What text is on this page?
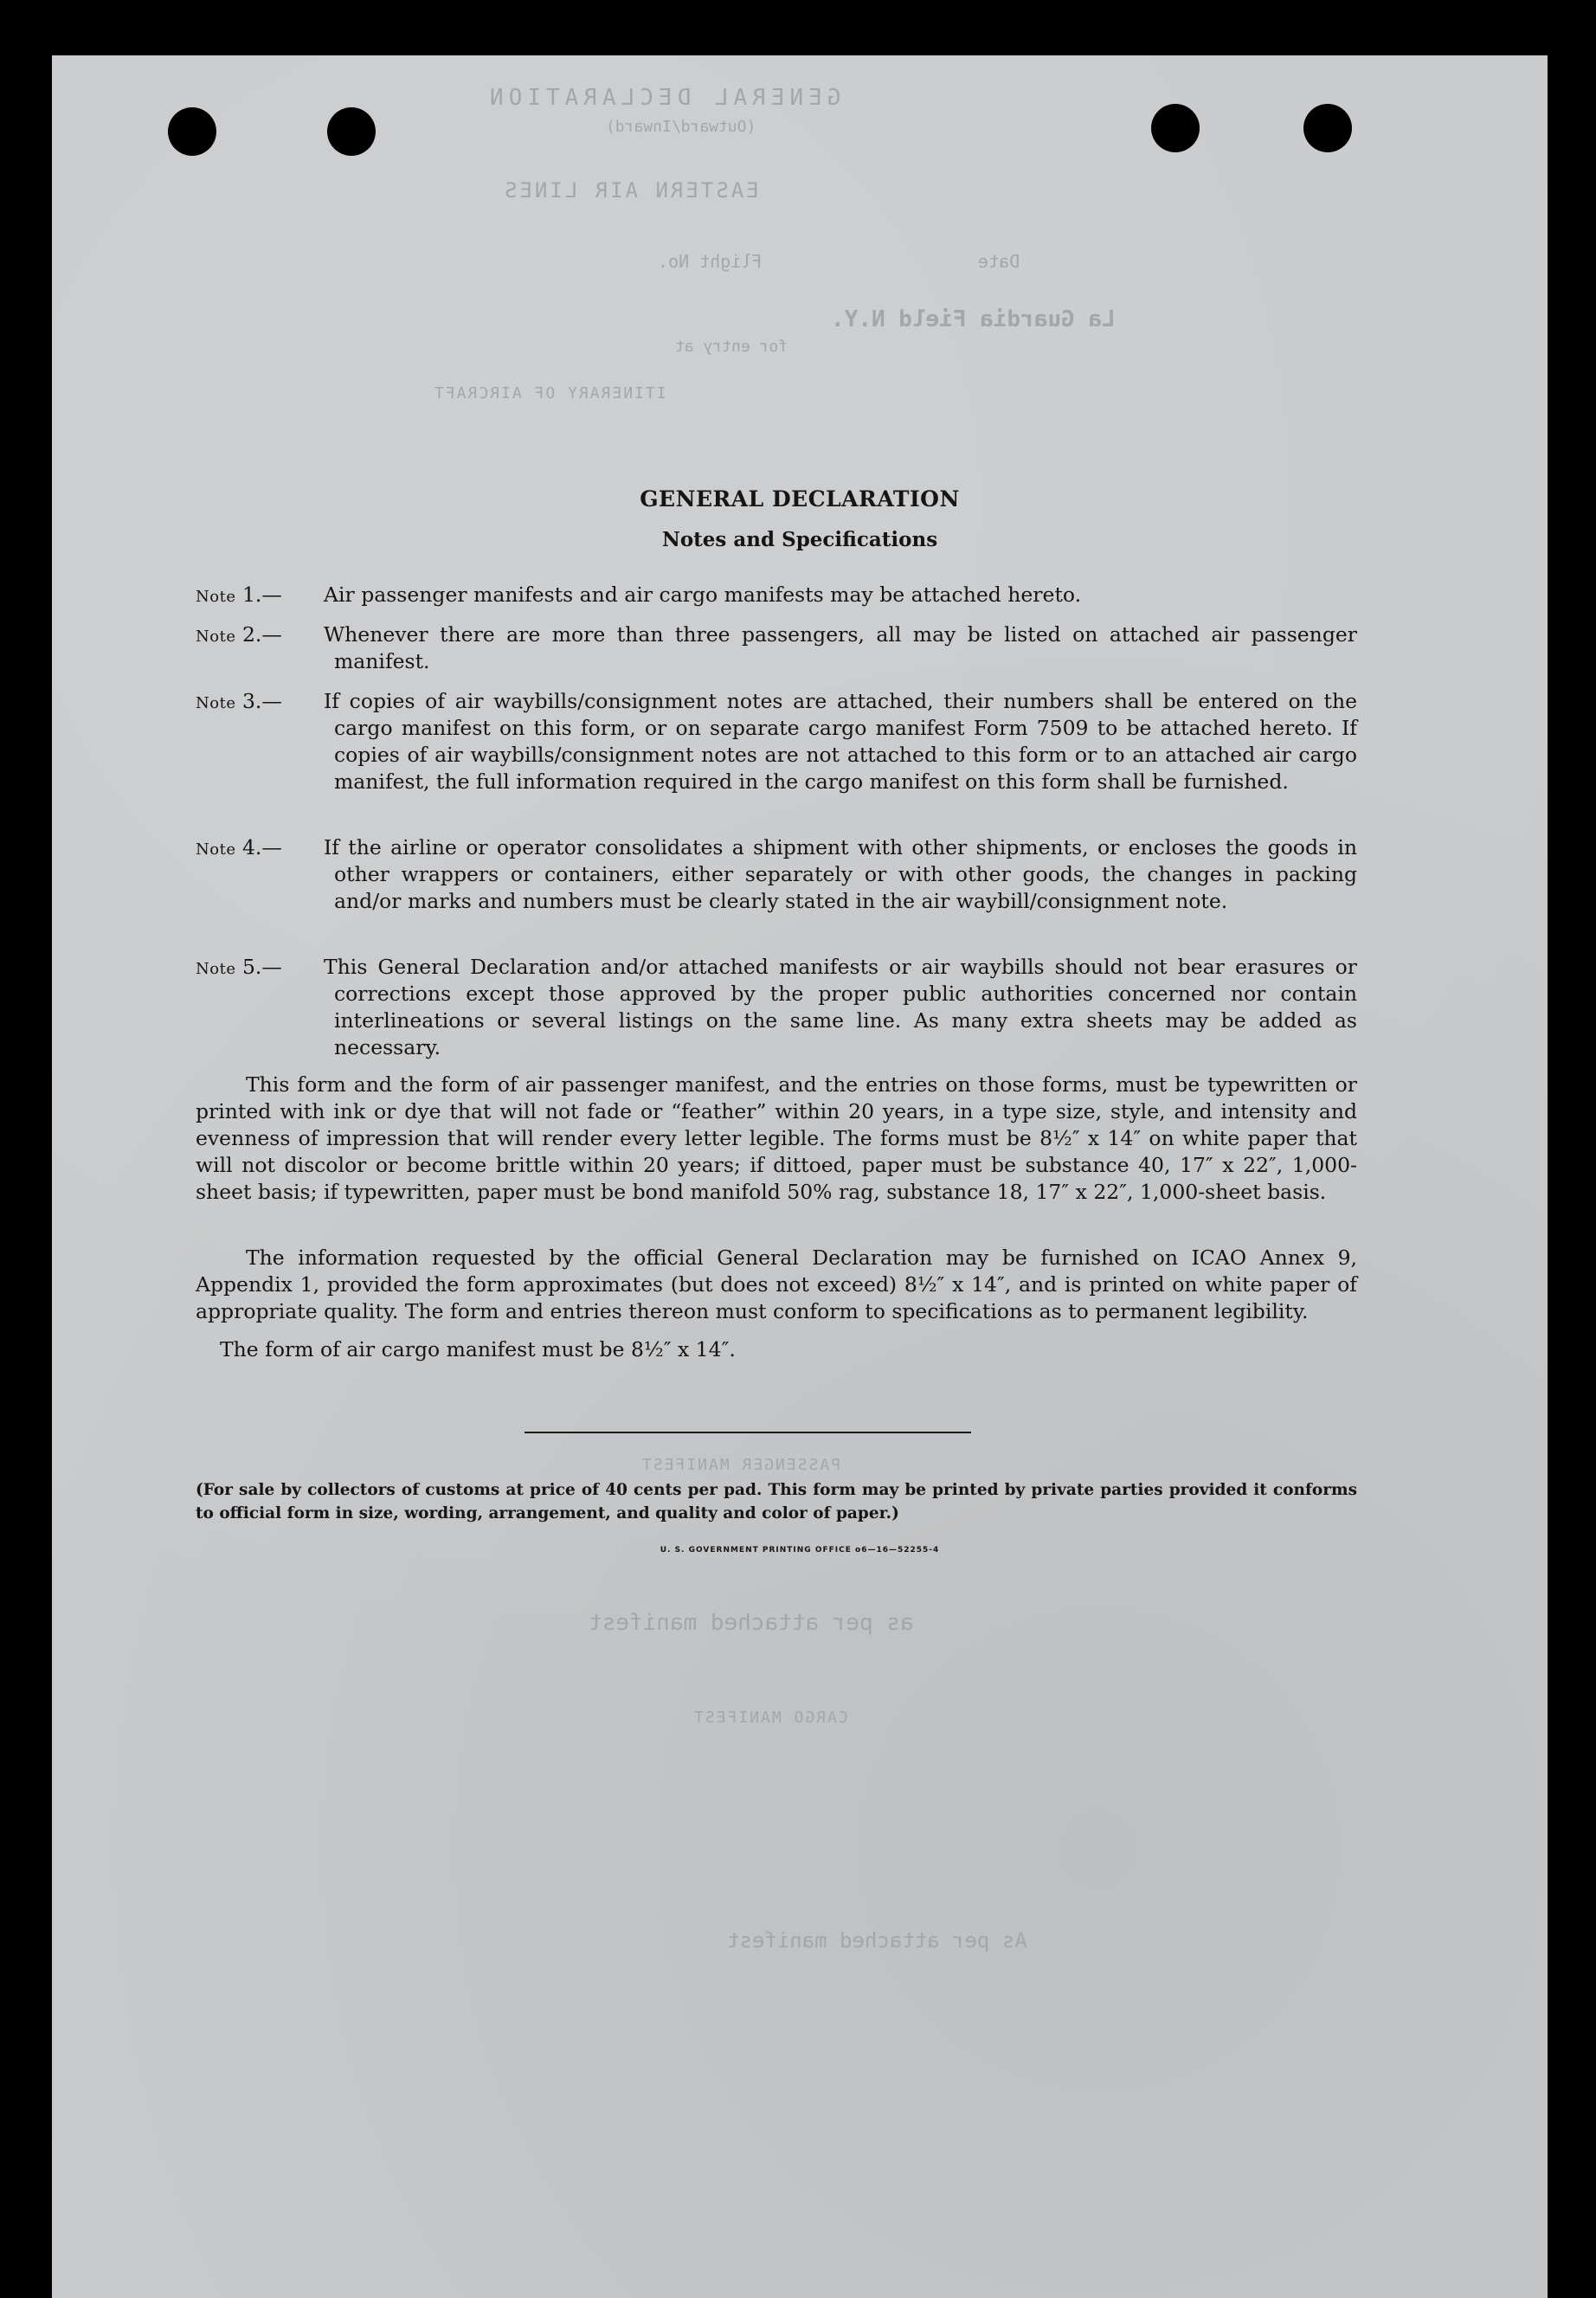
GENERAL DECLARATION
(Outward/Inward)
EASTERN AIR LINES
Flight No.	Date
La Guardia Field N.Y.
for entry at
ITINERARY OF AIRCRAFT
PASSENGER MANIFEST
as per attached manifest
CARGO MANIFEST
As per attached manifest
GENERAL DECLARATION
Notes and Specifications
Note 1.—	Air passenger manifests and air cargo manifests may be attached hereto.
Note 2.—	Whenever there are more than three passengers, all may be listed on attached air passenger manifest.
Note 3.—	If copies of air waybills/consignment notes are attached, their numbers shall be entered on the cargo manifest on this form, or on separate cargo manifest Form 7509 to be attached hereto. If copies of air waybills/consignment notes are not attached to this form or to an attached air cargo manifest, the full information required in the cargo manifest on this form shall be furnished.
Note 4.—	If the airline or operator consolidates a shipment with other shipments, or encloses the goods in other wrappers or containers, either separately or with other goods, the changes in packing and/or marks and numbers must be clearly stated in the air waybill/consignment note.
Note 5.—	This General Declaration and/or attached manifests or air waybills should not bear erasures or corrections except those approved by the proper public authorities concerned nor contain interlineations or several listings on the same line. As many extra sheets may be added as necessary.
This form and the form of air passenger manifest, and the entries on those forms, must be typewritten or printed with ink or dye that will not fade or “feather” within 20 years, in a type size, style, and intensity and evenness of impression that will render every letter legible. The forms must be 8½″ x 14″ on white paper that will not discolor or become brittle within 20 years; if dittoed, paper must be substance 40, 17″ x 22″, 1,000-sheet basis; if typewritten, paper must be bond manifold 50% rag, substance 18, 17″ x 22″, 1,000-sheet basis.
The information requested by the official General Declaration may be furnished on ICAO Annex 9, Appendix 1, provided the form approximates (but does not exceed) 8½″ x 14″, and is printed on white paper of appropriate quality. The form and entries thereon must conform to specifications as to permanent legibility.
The form of air cargo manifest must be 8½″ x 14″.
(For sale by collectors of customs at price of 40 cents per pad. This form may be printed by private parties provided it conforms to official form in size, wording, arrangement, and quality and color of paper.)
U. S. GOVERNMENT PRINTING OFFICE o6—16—52255-4
